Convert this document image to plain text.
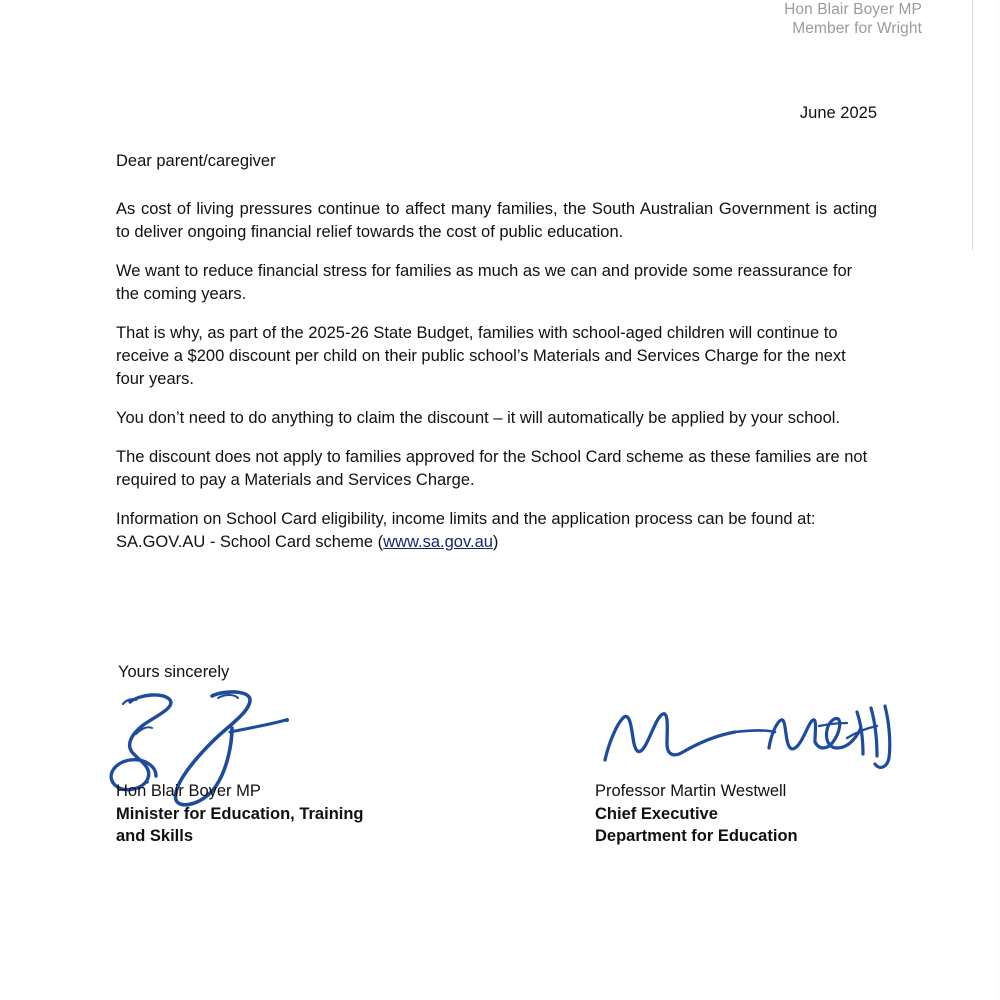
Hon Blair Boyer MP
Member for Wright
June 2025
Dear parent/caregiver

As cost of living pressures continue to affect many families, the South Australian Government is acting to deliver ongoing financial relief towards the cost of public education.

We want to reduce financial stress for families as much as we can and provide some reassurance for the coming years.

That is why, as part of the 2025-26 State Budget, families with school-aged children will continue to receive a $200 discount per child on their public school’s Materials and Services Charge for the next four years.

You don’t need to do anything to claim the discount – it will automatically be applied by your school.

The discount does not apply to families approved for the School Card scheme as these families are not required to pay a Materials and Services Charge.

Information on School Card eligibility, income limits and the application process can be found at: SA.GOV.AU - School Card scheme (www.sa.gov.au)

Yours sincerely
Hon Blair Boyer MP
Minister for Education, Training
and Skills
Professor Martin Westwell
Chief Executive
Department for Education
